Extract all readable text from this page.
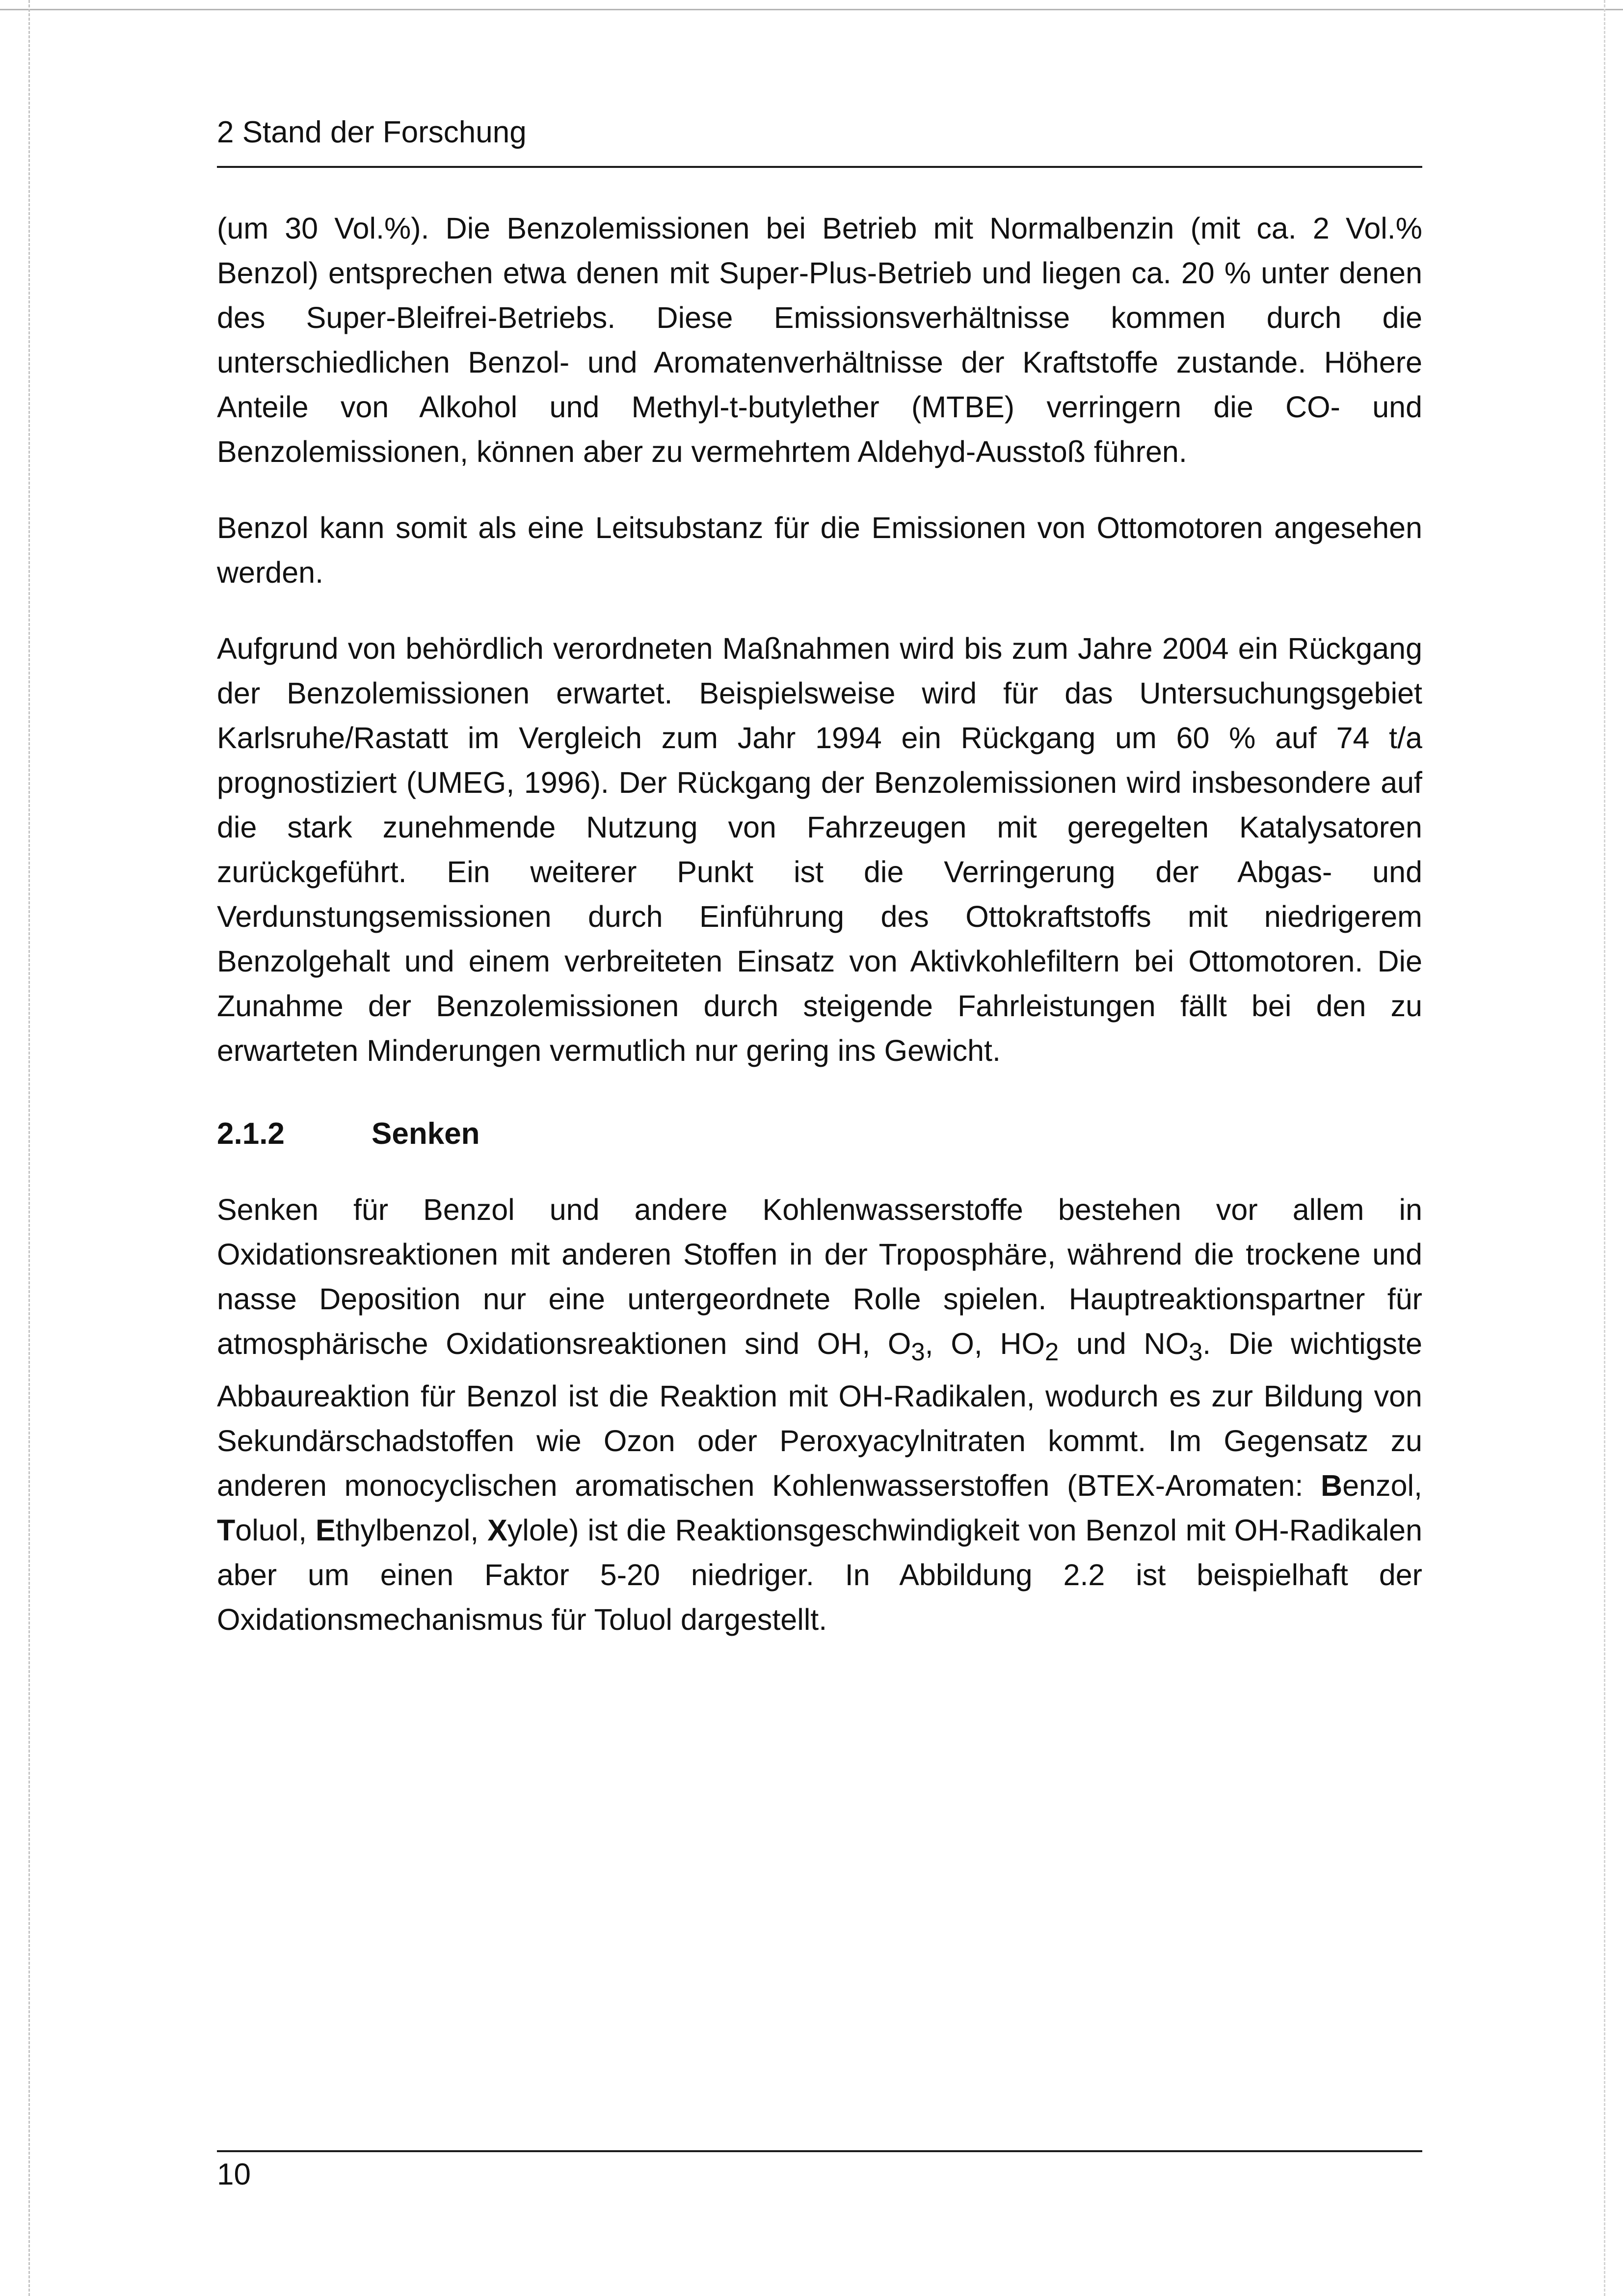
2 Stand der Forschung

(um 30 Vol.%). Die Benzolemissionen bei Betrieb mit Normalbenzin (mit ca. 2 Vol.% Benzol) entsprechen etwa denen mit Super-Plus-Betrieb und liegen ca. 20 % unter denen des Super-Bleifrei-Betriebs. Diese Emissionsverhältnisse kommen durch die unterschiedlichen Benzol- und Aromatenverhältnisse der Kraftstoffe zustande. Höhere Anteile von Alkohol und Methyl-t-butylether (MTBE) verringern die CO- und Benzolemissionen, können aber zu vermehrtem Aldehyd-Ausstoß führen.

Benzol kann somit als eine Leitsubstanz für die Emissionen von Ottomotoren angesehen werden.

Aufgrund von behördlich verordneten Maßnahmen wird bis zum Jahre 2004 ein Rückgang der Benzolemissionen erwartet. Beispielsweise wird für das Untersuchungsgebiet Karlsruhe/Rastatt im Vergleich zum Jahr 1994 ein Rückgang um 60 % auf 74 t/a prognostiziert (UMEG, 1996). Der Rückgang der Benzolemissionen wird insbesondere auf die stark zunehmende Nutzung von Fahrzeugen mit geregelten Katalysatoren zurückgeführt. Ein weiterer Punkt ist die Verringerung der Abgas- und Verdunstungsemissionen durch Einführung des Ottokraftstoffs mit niedrigerem Benzolgehalt und einem verbreiteten Einsatz von Aktivkohlefiltern bei Ottomotoren. Die Zunahme der Benzolemissionen durch steigende Fahrleistungen fällt bei den zu erwarteten Minderungen vermutlich nur gering ins Gewicht.

2.1.2	Senken

Senken für Benzol und andere Kohlenwasserstoffe bestehen vor allem in Oxidationsreaktionen mit anderen Stoffen in der Troposphäre, während die trockene und nasse Deposition nur eine untergeordnete Rolle spielen. Hauptreaktionspartner für atmosphärische Oxidationsreaktionen sind OH, $O_3$, O, $HO_2$ und $NO_3$. Die wichtigste Abbaureaktion für Benzol ist die Reaktion mit OH-Radikalen, wodurch es zur Bildung von Sekundärschadstoffen wie Ozon oder Peroxyacylnitraten kommt. Im Gegensatz zu anderen monocyclischen aromatischen Kohlenwasserstoffen (BTEX-Aromaten: Benzol, Toluol, Ethylbenzol, Xylole) ist die Reaktionsgeschwindigkeit von Benzol mit OH-Radikalen aber um einen Faktor 5-20 niedriger. In Abbildung 2.2 ist beispielhaft der Oxidationsmechanismus für Toluol dargestellt.

10
